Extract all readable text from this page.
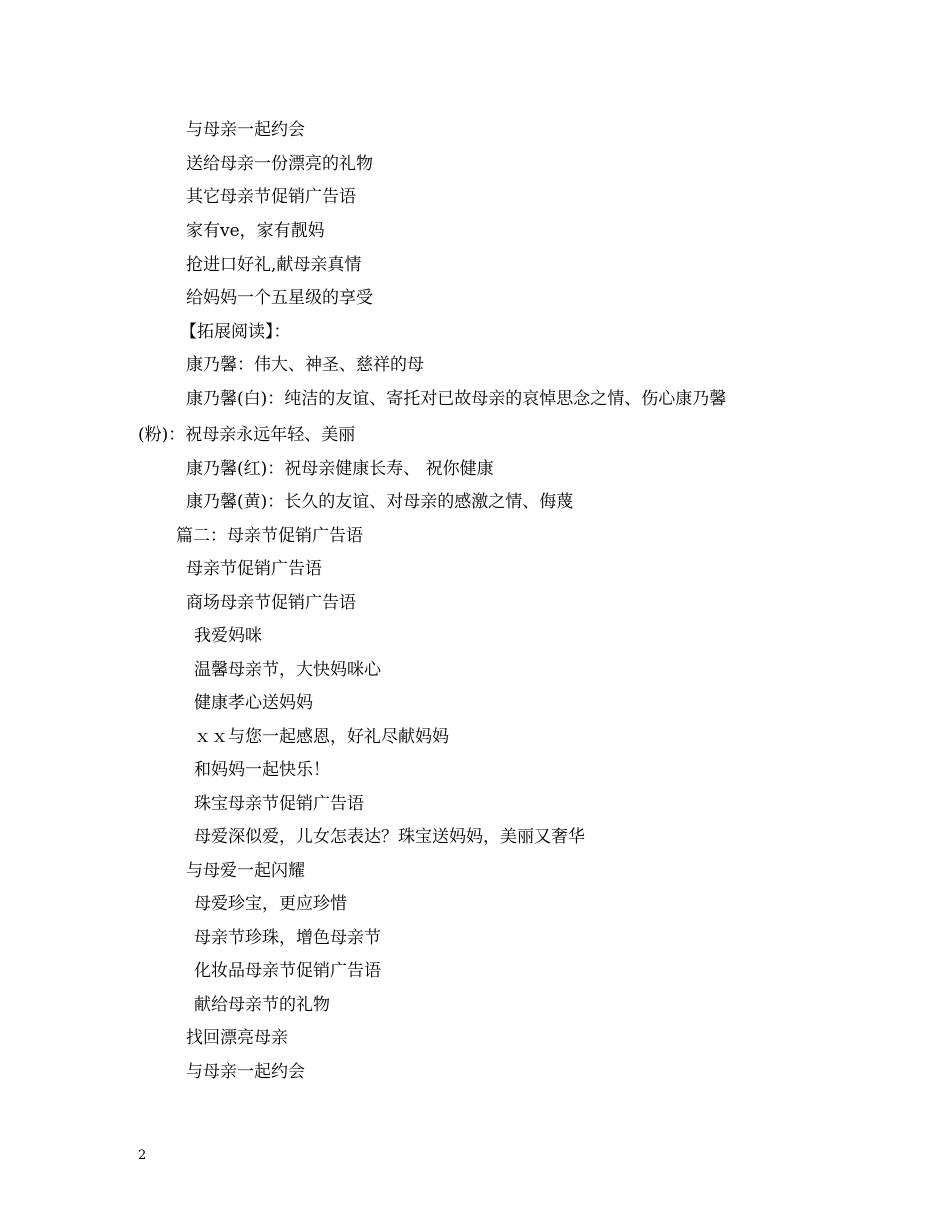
与母亲一起约会
送给母亲一份漂亮的礼物
其它母亲节促销广告语
家有ve，家有靓妈
抢进口好礼,献母亲真情
给妈妈一个五星级的享受
【拓展阅读】：
康乃馨：伟大、神圣、慈祥的母
康乃馨(白)：纯洁的友谊、寄托对已故母亲的哀悼思念之情、伤心康乃馨
(粉)：祝母亲永远年轻、美丽
康乃馨(红)：祝母亲健康长寿、 祝你健康
康乃馨(黄)：长久的友谊、对母亲的感激之情、侮蔑
篇二：母亲节促销广告语
母亲节促销广告语
商场母亲节促销广告语
我爱妈咪
温馨母亲节，大快妈咪心
健康孝心送妈妈
ｘｘ与您一起感恩，好礼尽献妈妈
和妈妈一起快乐！
珠宝母亲节促销广告语
母爱深似爱，儿女怎表达？珠宝送妈妈，美丽又奢华
与母爱一起闪耀
母爱珍宝，更应珍惜
母亲节珍珠，增色母亲节
化妆品母亲节促销广告语
献给母亲节的礼物
找回漂亮母亲
与母亲一起约会
2
